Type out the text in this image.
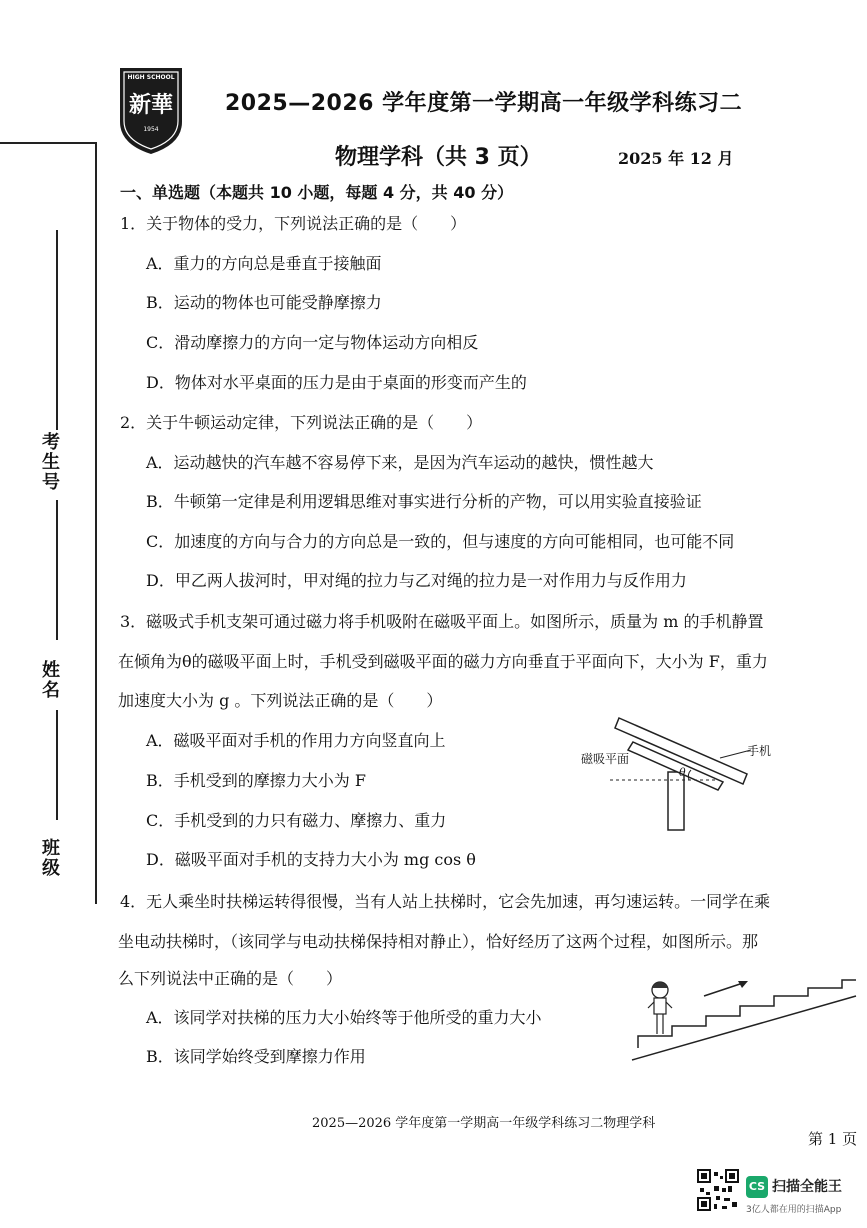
考生号
姓名
班级
HIGH SCHOOL
新華
1954
2025—2026 学年度第一学期高一年级学科练习二
物理学科（共 3 页）	2025 年 12 月
一、单选题（本题共 10 小题，每题 4 分，共 40 分）
1．关于物体的受力，下列说法正确的是（　　）
A．重力的方向总是垂直于接触面
B．运动的物体也可能受静摩擦力
C．滑动摩擦力的方向一定与物体运动方向相反
D．物体对水平桌面的压力是由于桌面的形变而产生的
2．关于牛顿运动定律，下列说法正确的是（　　）
A．运动越快的汽车越不容易停下来，是因为汽车运动的越快，惯性越大
B．牛顿第一定律是利用逻辑思维对事实进行分析的产物，可以用实验直接验证
C．加速度的方向与合力的方向总是一致的，但与速度的方向可能相同，也可能不同
D．甲乙两人拔河时，甲对绳的拉力与乙对绳的拉力是一对作用力与反作用力
3．磁吸式手机支架可通过磁力将手机吸附在磁吸平面上。如图所示，质量为 m 的手机静置
在倾角为θ的磁吸平面上时，手机受到磁吸平面的磁力方向垂直于平面向下，大小为 F，重力
加速度大小为 g 。下列说法正确的是（　　）
A．磁吸平面对手机的作用力方向竖直向上
B．手机受到的摩擦力大小为 F
C．手机受到的力只有磁力、摩擦力、重力
D．磁吸平面对手机的支持力大小为 mg cos θ
磁吸平面
手机
θ
4．无人乘坐时扶梯运转得很慢，当有人站上扶梯时，它会先加速，再匀速运转。一同学在乘
坐电动扶梯时，（该同学与电动扶梯保持相对静止），恰好经历了这两个过程，如图所示。那
么下列说法中正确的是（　　）
A．该同学对扶梯的压力大小始终等于他所受的重力大小
B．该同学始终受到摩擦力作用
2025—2026 学年度第一学期高一年级学科练习二物理学科
第 1 页
CS 扫描全能王
3亿人都在用的扫描App
